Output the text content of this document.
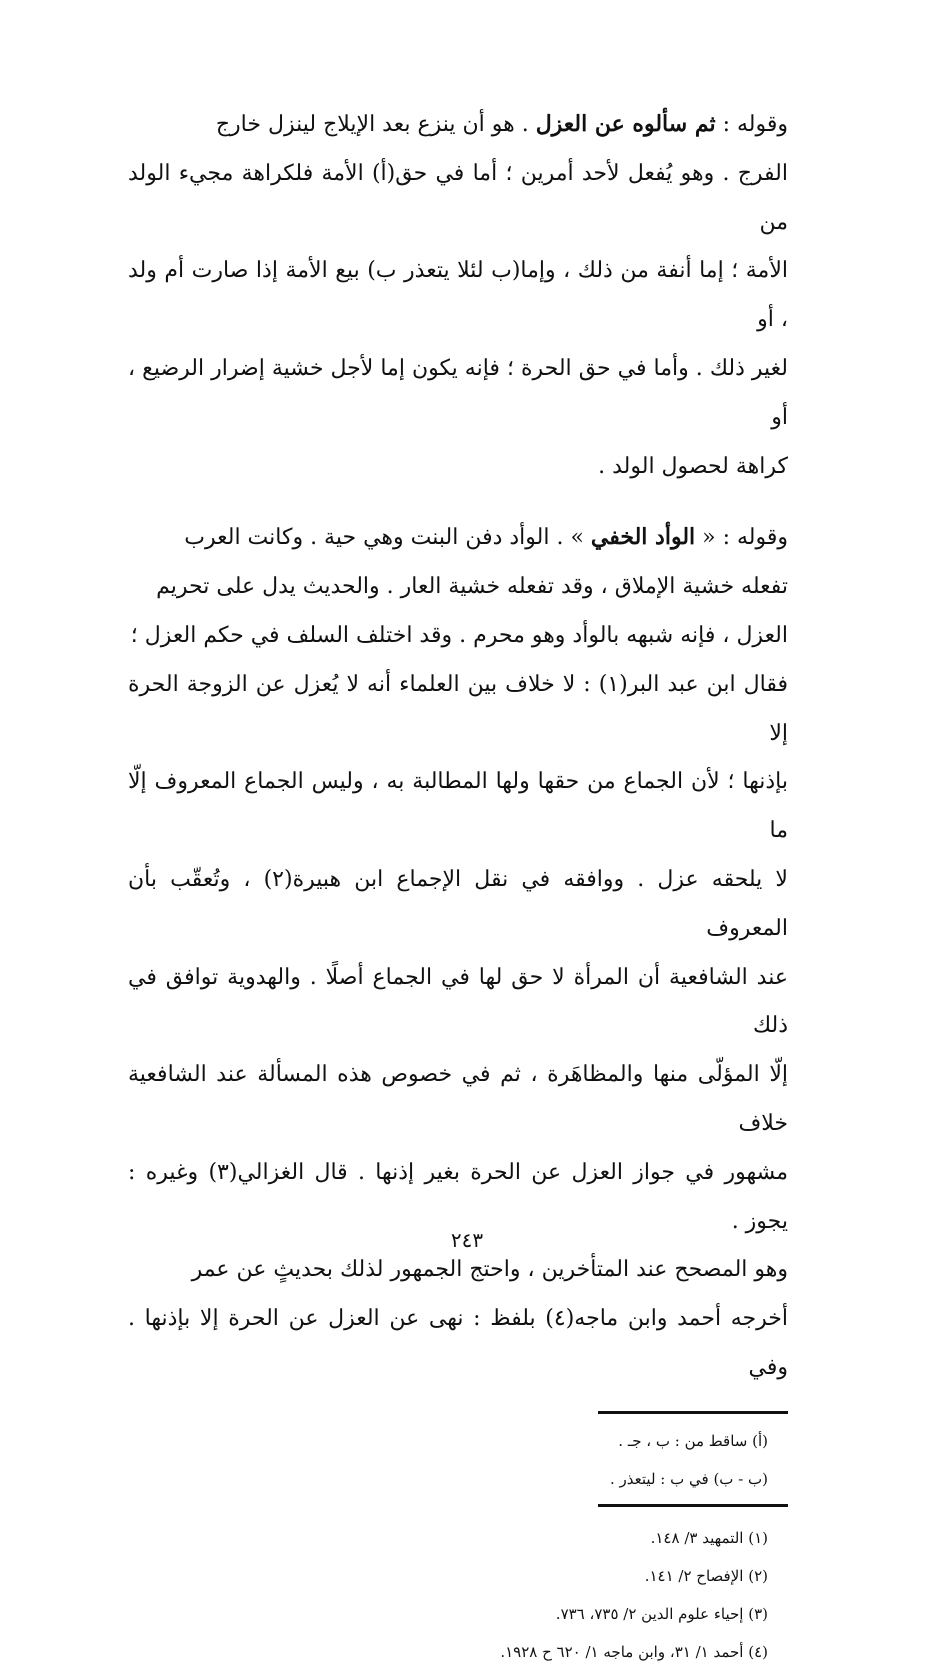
وقوله : ثم سألوه عن العزل . هو أن ينزع بعد الإيلاج لينزل خارج
الفرج . وهو يُفعل لأحد أمرين ؛ أما في حق(أ) الأمة فلكراهة مجيء الولد من
الأمة ؛ إما أنفة من ذلك ، وإما(ب لئلا يتعذر ب) بيع الأمة إذا صارت أم ولد ، أو
لغير ذلك . وأما في حق الحرة ؛ فإنه يكون إما لأجل خشية إضرار الرضيع ، أو
كراهة لحصول الولد .

وقوله : « الوأد الخفي » . الوأد دفن البنت وهي حية . وكانت العرب
تفعله خشية الإملاق ، وقد تفعله خشية العار . والحديث يدل على تحريم
العزل ، فإنه شبهه بالوأد وهو محرم . وقد اختلف السلف في حكم العزل ؛
فقال ابن عبد البر(١) : لا خلاف بين العلماء أنه لا يُعزل عن الزوجة الحرة إلا
بإذنها ؛ لأن الجماع من حقها ولها المطالبة به ، وليس الجماع المعروف إلّا ما
لا يلحقه عزل . ووافقه في نقل الإجماع ابن هبيرة(٢) ، وتُعقّب بأن المعروف
عند الشافعية أن المرأة لا حق لها في الجماع أصلًا . والهدوية توافق في ذلك
إلّا المؤلّى منها والمظاهَرة ، ثم في خصوص هذه المسألة عند الشافعية خلاف
مشهور في جواز العزل عن الحرة بغير إذنها . قال الغزالي(٣) وغيره : يجوز .
وهو المصحح عند المتأخرين ، واحتج الجمهور لذلك بحديثٍ عن عمر
أخرجه أحمد وابن ماجه(٤) بلفظ : نهى عن العزل عن الحرة إلا بإذنها . وفي

(أ) ساقط من : ب ، جـ .
(ب - ب) في ب : ليتعذر .
(١) التمهيد ٣/ ١٤٨.
(٢) الإفصاح ٢/ ١٤١.
(٣) إحياء علوم الدين ٢/ ٧٣٥، ٧٣٦.
(٤) أحمد ١/ ٣١، وابن ماجه ١/ ٦٢٠ ح ١٩٢٨.
٢٤٣
